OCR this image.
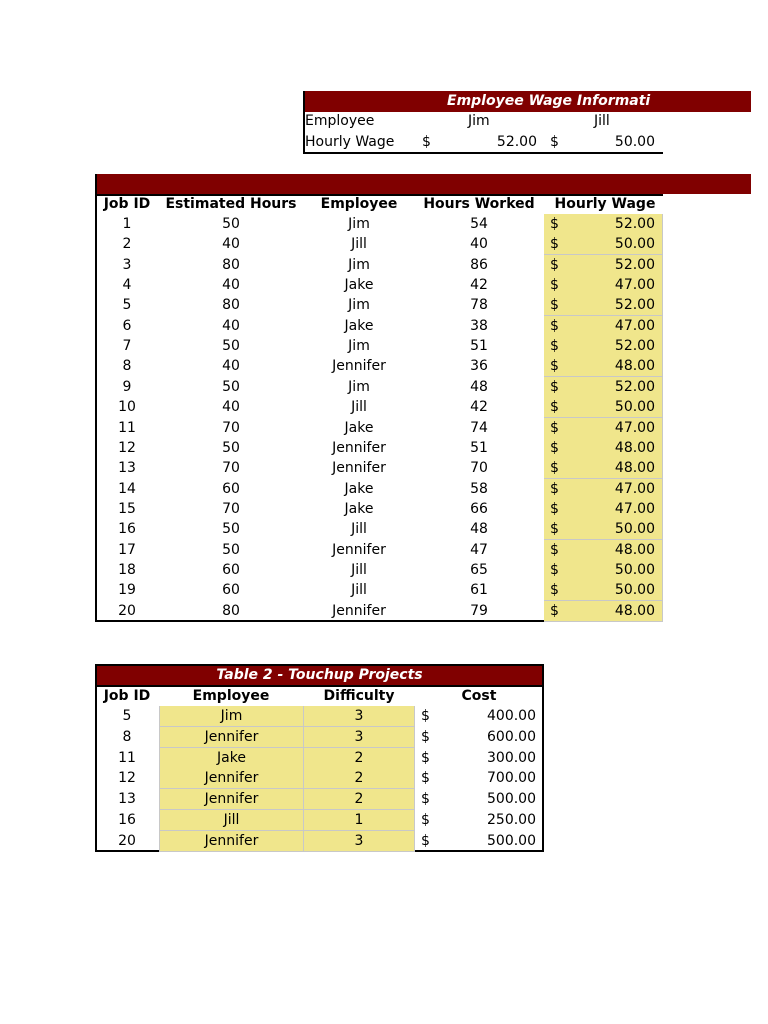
Employee Wage Informati
Employee	Jim	Jill
Hourly Wage $	52.00 $	50.00
Job ID	Estimated Hours	Employee	Hours Worked	Hourly Wage
1	50	Jim	54	$	52.00
2	40	Jill	40	$	50.00
3	80	Jim	86	$	52.00
4	40	Jake	42	$	47.00
5	80	Jim	78	$	52.00
6	40	Jake	38	$	47.00
7	50	Jim	51	$	52.00
8	40	Jennifer	36	$	48.00
9	50	Jim	48	$	52.00
10	40	Jill	42	$	50.00
11	70	Jake	74	$	47.00
12	50	Jennifer	51	$	48.00
13	70	Jennifer	70	$	48.00
14	60	Jake	58	$	47.00
15	70	Jake	66	$	47.00
16	50	Jill	48	$	50.00
17	50	Jennifer	47	$	48.00
18	60	Jill	65	$	50.00
19	60	Jill	61	$	50.00
20	80	Jennifer	79	$	48.00
Table 2 - Touchup Projects
Job ID	Employee	Difficulty	Cost
5	Jim	3	$	400.00
8	Jennifer	3	$	600.00
11	Jake	2	$	300.00
12	Jennifer	2	$	700.00
13	Jennifer	2	$	500.00
16	Jill	1	$	250.00
20	Jennifer	3	$	500.00
